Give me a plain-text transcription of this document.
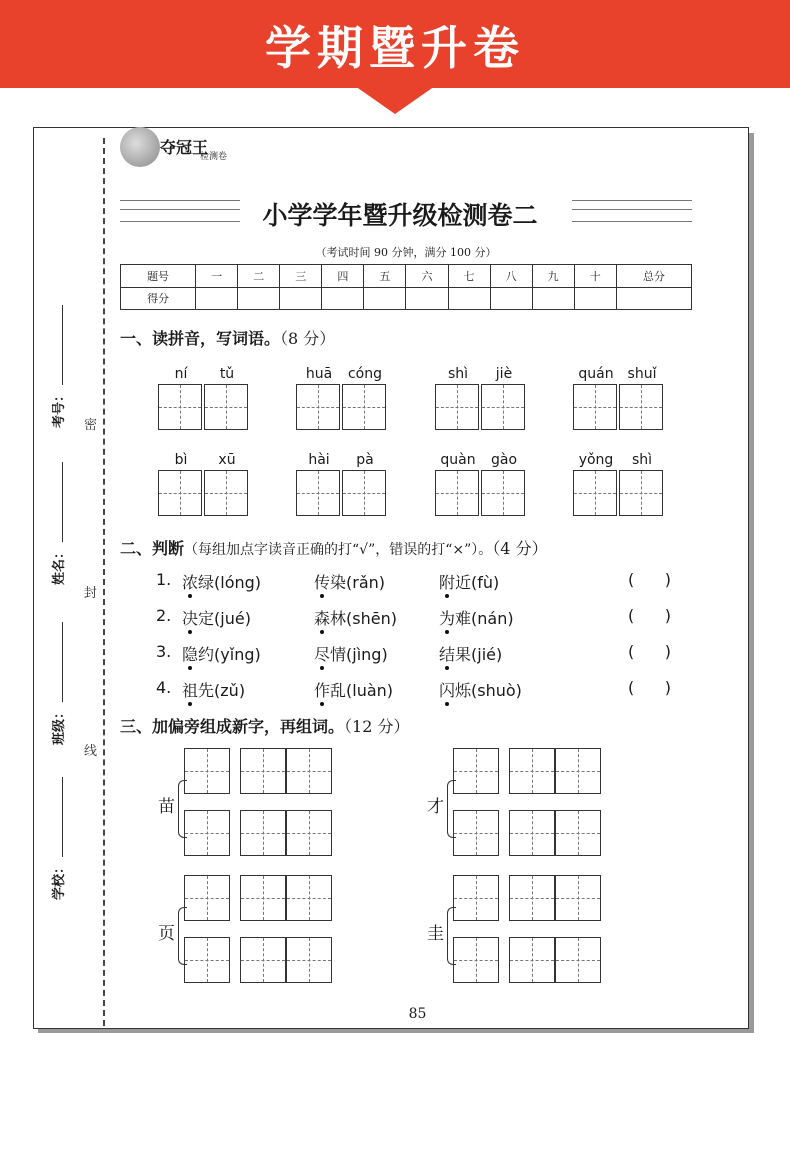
学期暨升卷
考号：
姓名：
班级：
学校：
密
封
线
夺冠王
检测卷
小学学年暨升级检测卷二
（考试时间 90 分钟，满分 100 分）
题号	一	二	三	四	五	六	七	八	九	十	总分
得分											
一、读拼音，写词语。（8 分）
ní	tǔ	huā	cóng	shì	jiè	quán shuǐ
bì	xū	hài	pà	quàn	gào	yǒng	shì
二、判断（每组加点字读音正确的打“√”，错误的打“×”）。（4 分）
1. 浓绿(lóng)	传染(rǎn)	附近(fù)	(      )
2. 决定(jué)	森林(shēn)	为难(nán)	(      )
3. 隐约(yǐng)	尽情(jìng)	结果(jié)	(      )
4. 祖先(zǔ)	作乱(luàn)	闪烁(shuò)	(      )
三、加偏旁组成新字，再组词。（12 分）
苗	才
页	圭
85
